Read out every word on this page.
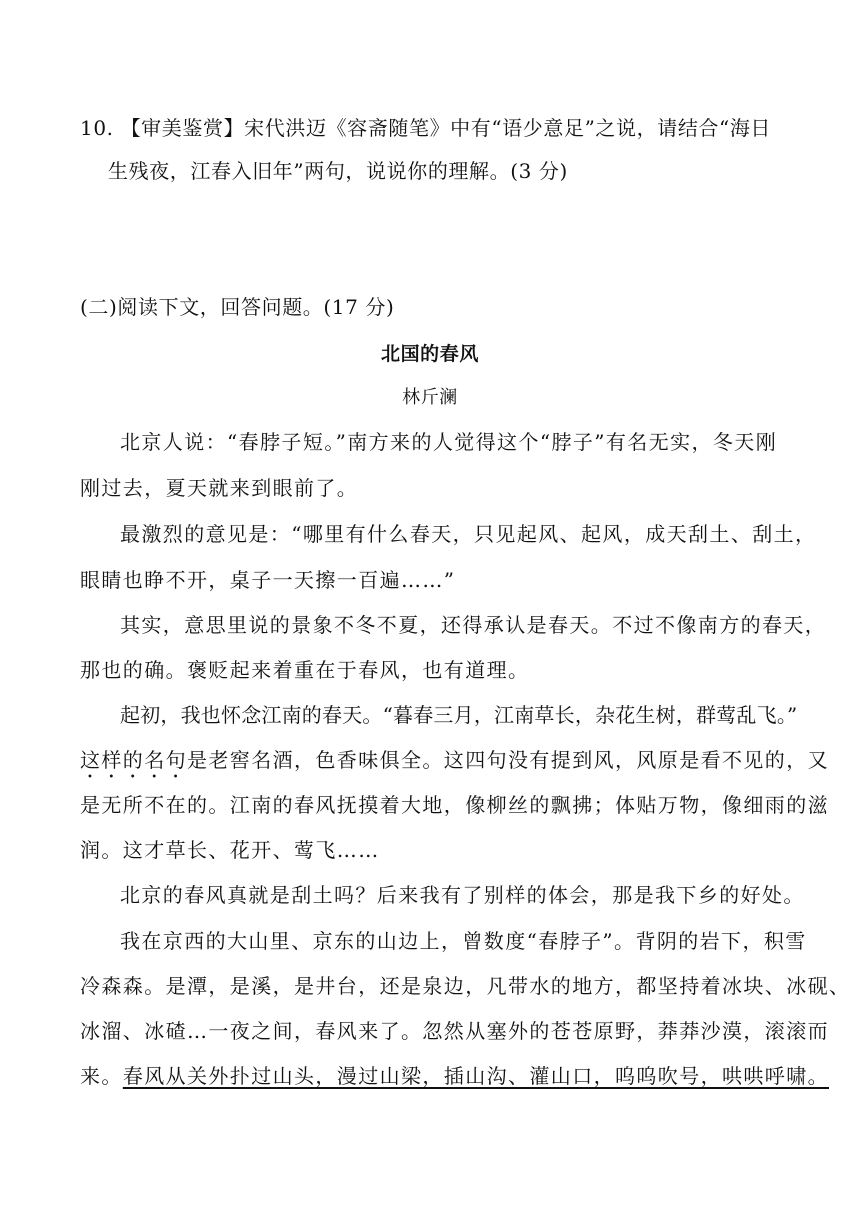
10. 【审美鉴赏】宋代洪迈《容斋随笔》中有“语少意足”之说，请结合“海日
生残夜，江春入旧年”两句，说说你的理解。(3 分)
(二)阅读下文，回答问题。(17 分)
北国的春风
林斤澜
北京人说：“春脖子短。”南方来的人觉得这个“脖子”有名无实，冬天刚
刚过去，夏天就来到眼前了。
最激烈的意见是：“哪里有什么春天，只见起风、起风，成天刮土、刮土，
眼睛也睁不开，桌子一天擦一百遍……”
其实，意思里说的景象不冬不夏，还得承认是春天。不过不像南方的春天，
那也的确。褒贬起来着重在于春风，也有道理。
起初，我也怀念江南的春天。“暮春三月，江南草长，杂花生树，群莺乱飞。”
这样的名句是老窖名酒，色香味俱全。这四句没有提到风，风原是看不见的，又
是无所不在的。江南的春风抚摸着大地，像柳丝的飘拂；体贴万物，像细雨的滋
润。这才草长、花开、莺飞……
北京的春风真就是刮土吗？后来我有了别样的体会，那是我下乡的好处。
我在京西的大山里、京东的山边上，曾数度“春脖子”。背阴的岩下，积雪
冷森森。是潭，是溪，是井台，还是泉边，凡带水的地方，都坚持着冰块、冰砚、
冰溜、冰碴…一夜之间，春风来了。忽然从塞外的苍苍原野，莽莽沙漠，滚滚而
来。春风从关外扑过山头，漫过山梁，插山沟、灌山口，呜呜吹号，哄哄呼啸。
